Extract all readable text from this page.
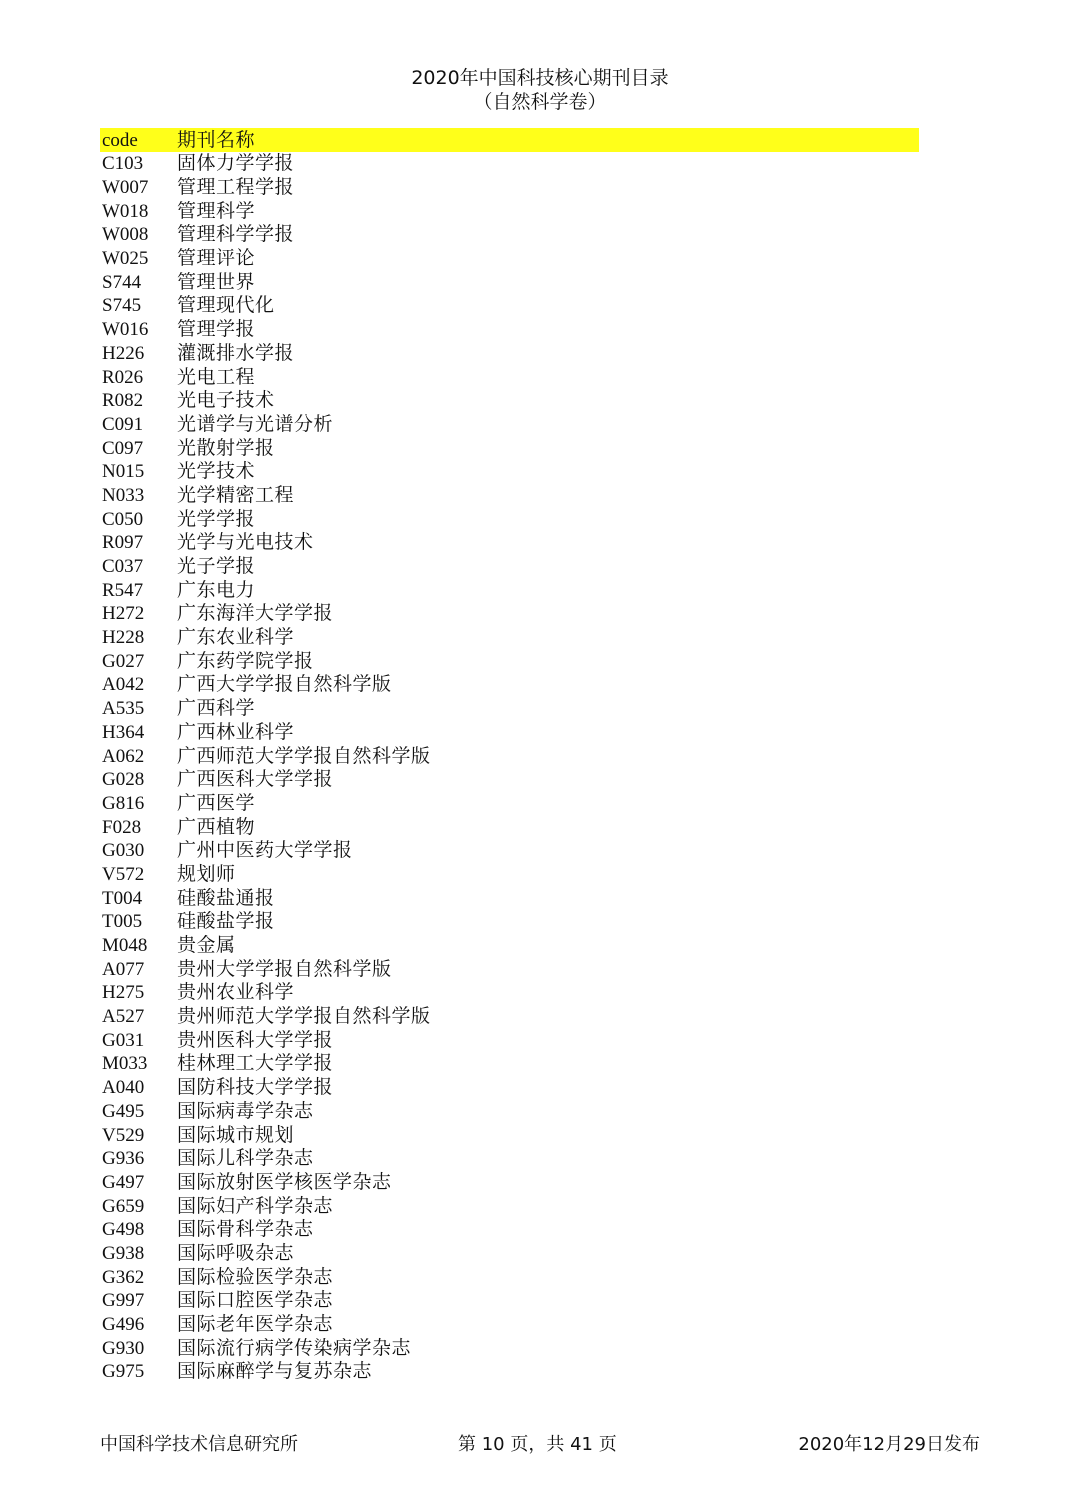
2020年中国科技核心期刊目录
（自然科学卷）
code	期刊名称
C103	固体力学学报
W007	管理工程学报
W018	管理科学
W008	管理科学学报
W025	管理评论
S744	管理世界
S745	管理现代化
W016	管理学报
H226	灌溉排水学报
R026	光电工程
R082	光电子技术
C091	光谱学与光谱分析
C097	光散射学报
N015	光学技术
N033	光学精密工程
C050	光学学报
R097	光学与光电技术
C037	光子学报
R547	广东电力
H272	广东海洋大学学报
H228	广东农业科学
G027	广东药学院学报
A042	广西大学学报自然科学版
A535	广西科学
H364	广西林业科学
A062	广西师范大学学报自然科学版
G028	广西医科大学学报
G816	广西医学
F028	广西植物
G030	广州中医药大学学报
V572	规划师
T004	硅酸盐通报
T005	硅酸盐学报
M048	贵金属
A077	贵州大学学报自然科学版
H275	贵州农业科学
A527	贵州师范大学学报自然科学版
G031	贵州医科大学学报
M033	桂林理工大学学报
A040	国防科技大学学报
G495	国际病毒学杂志
V529	国际城市规划
G936	国际儿科学杂志
G497	国际放射医学核医学杂志
G659	国际妇产科学杂志
G498	国际骨科学杂志
G938	国际呼吸杂志
G362	国际检验医学杂志
G997	国际口腔医学杂志
G496	国际老年医学杂志
G930	国际流行病学传染病学杂志
G975	国际麻醉学与复苏杂志
中国科学技术信息研究所	第 10 页，共 41 页	2020年12月29日发布
